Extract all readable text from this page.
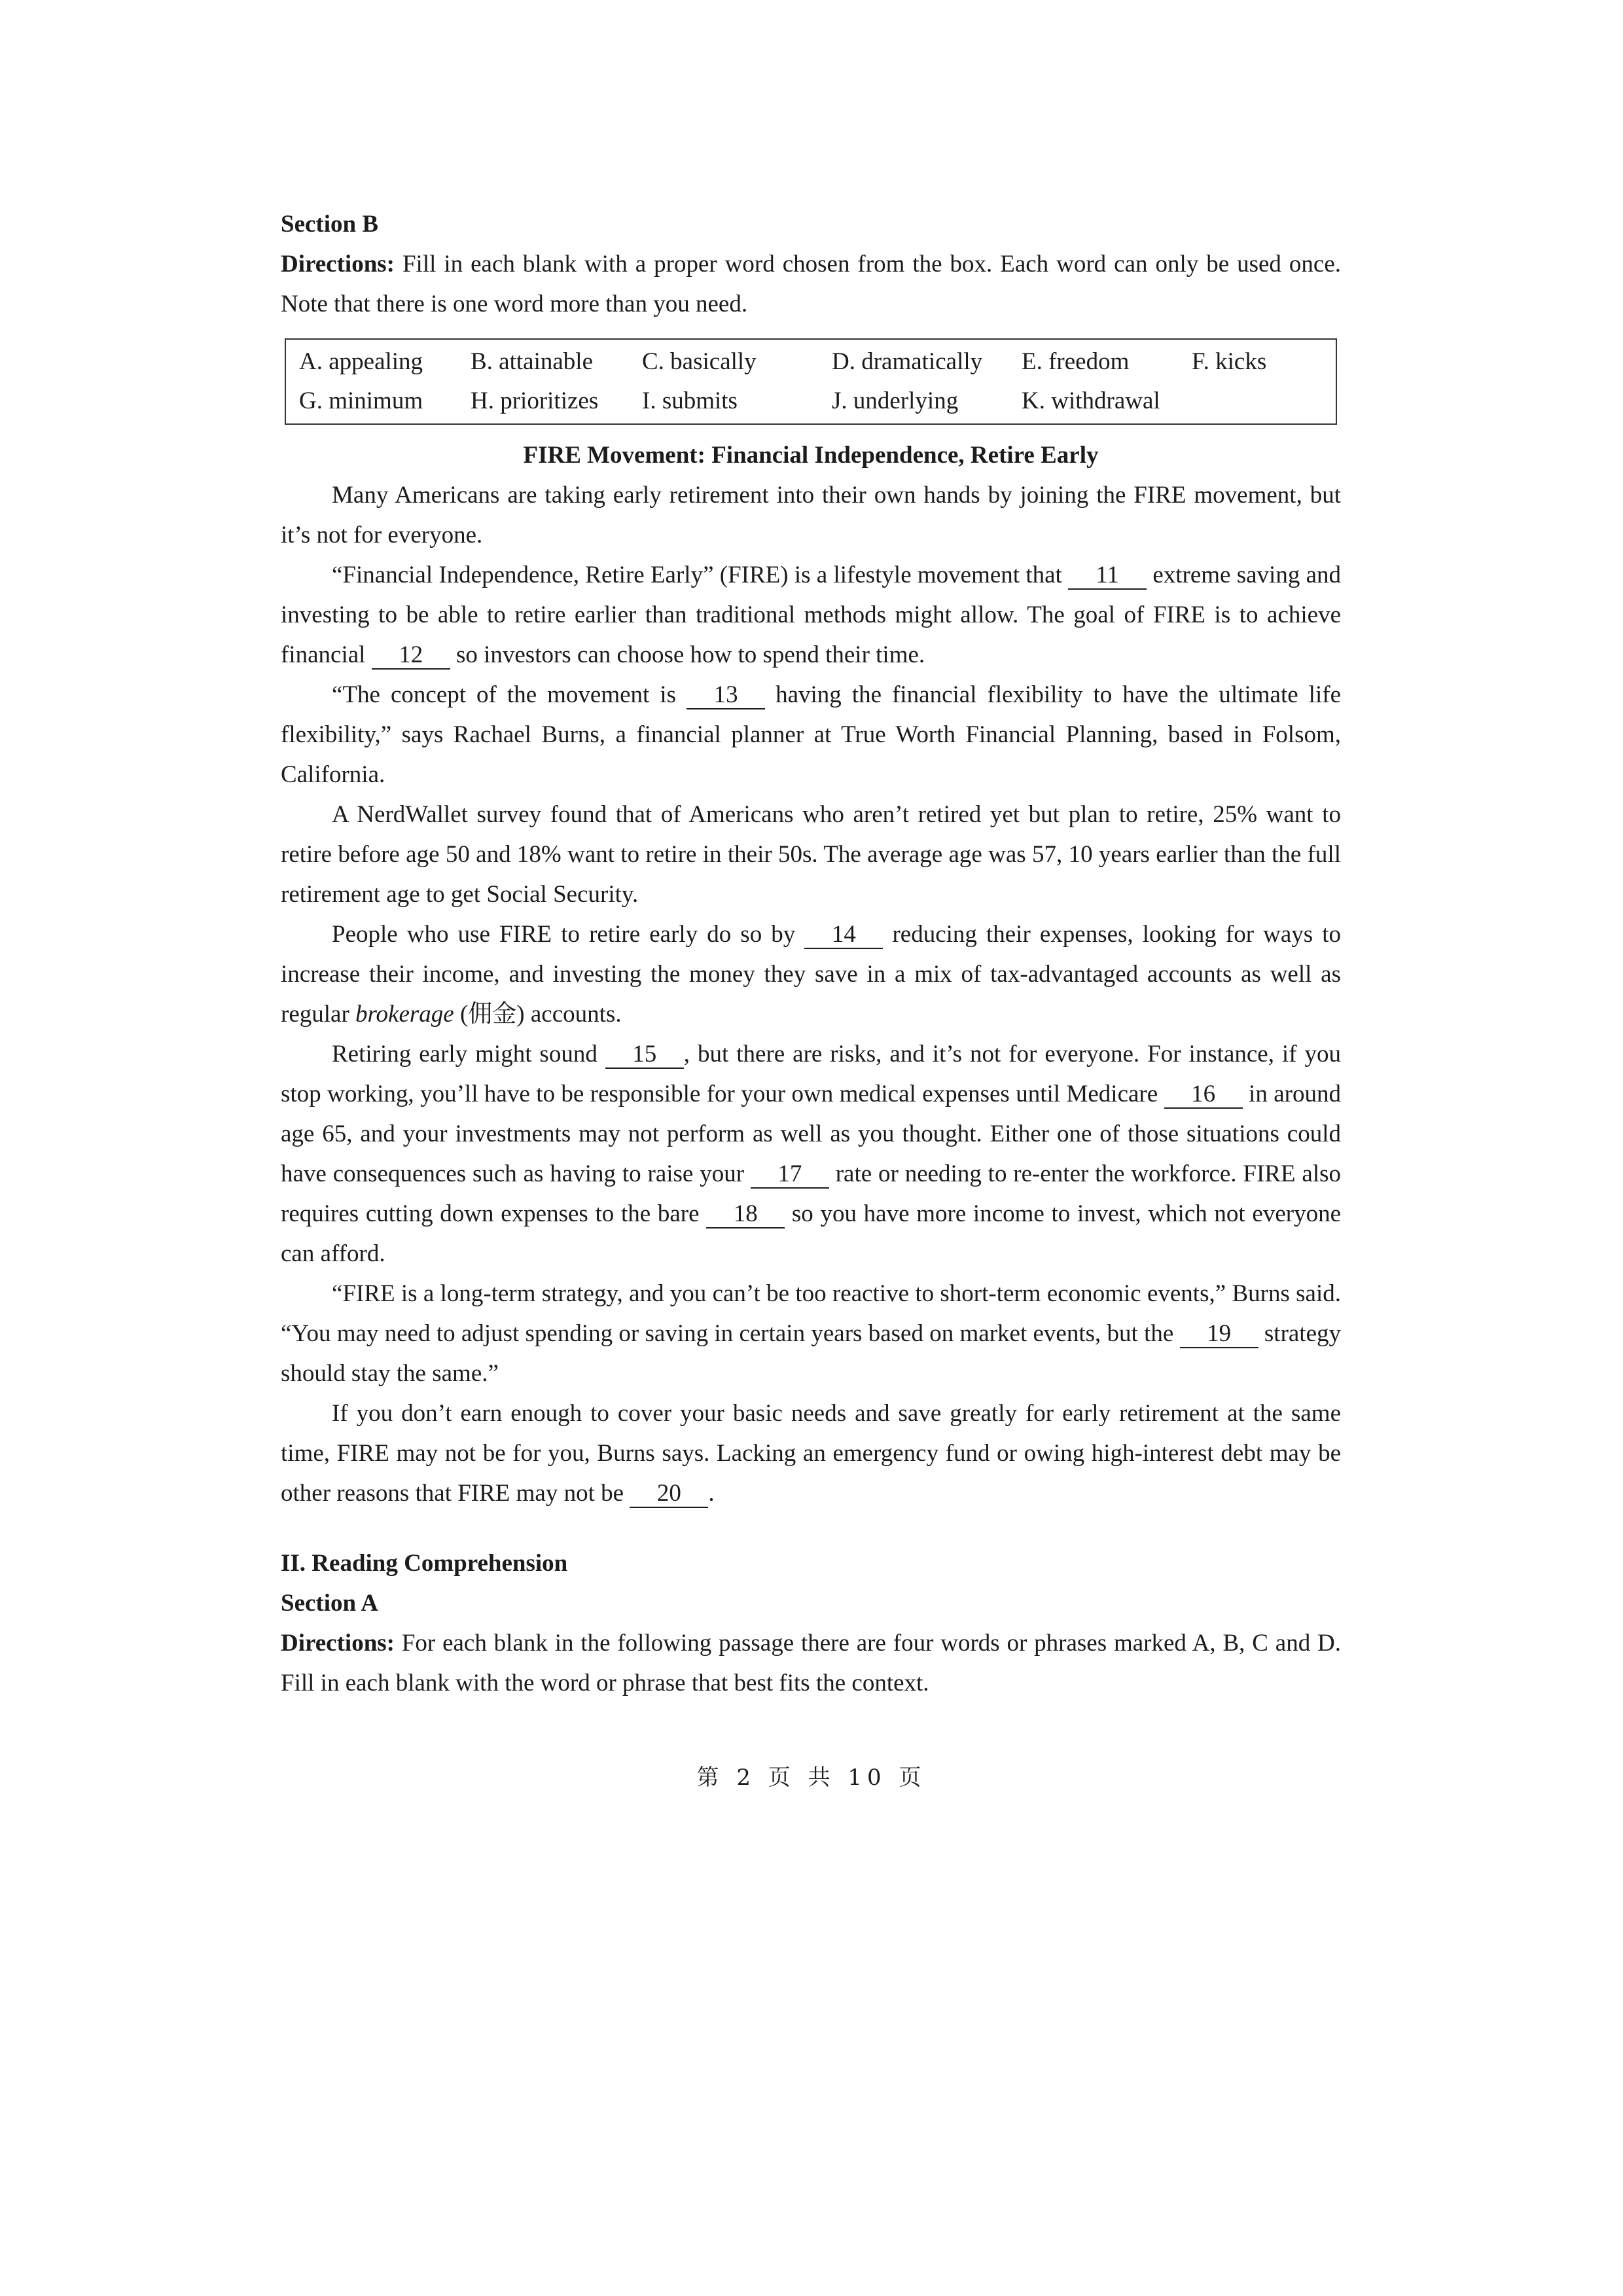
Section B

Directions: Fill in each blank with a proper word chosen from the box. Each word can only be used once. Note that there is one word more than you need.

A. appealing	B. attainable	C. basically	D. dramatically	E. freedom	F. kicks
G. minimum	H. prioritizes	I. submits	J. underlying	K. withdrawal

FIRE Movement: Financial Independence, Retire Early

Many Americans are taking early retirement into their own hands by joining the FIRE movement, but it’s not for everyone.

“Financial Independence, Retire Early” (FIRE) is a lifestyle movement that 11 extreme saving and investing to be able to retire earlier than traditional methods might allow. The goal of FIRE is to achieve financial 12 so investors can choose how to spend their time.

“The concept of the movement is 13 having the financial flexibility to have the ultimate life flexibility,” says Rachael Burns, a financial planner at True Worth Financial Planning, based in Folsom, California.

A NerdWallet survey found that of Americans who aren’t retired yet but plan to retire, 25% want to retire before age 50 and 18% want to retire in their 50s. The average age was 57, 10 years earlier than the full retirement age to get Social Security.

People who use FIRE to retire early do so by 14 reducing their expenses, looking for ways to increase their income, and investing the money they save in a mix of tax-advantaged accounts as well as regular brokerage (佣金) accounts.

Retiring early might sound 15 , but there are risks, and it’s not for everyone. For instance, if you stop working, you’ll have to be responsible for your own medical expenses until Medicare 16 in around age 65, and your investments may not perform as well as you thought. Either one of those situations could have consequences such as having to raise your 17 rate or needing to re-enter the workforce. FIRE also requires cutting down expenses to the bare 18 so you have more income to invest, which not everyone can afford.

“FIRE is a long-term strategy, and you can’t be too reactive to short-term economic events,” Burns said. “You may need to adjust spending or saving in certain years based on market events, but the 19 strategy should stay the same.”

If you don’t earn enough to cover your basic needs and save greatly for early retirement at the same time, FIRE may not be for you, Burns says. Lacking an emergency fund or owing high-interest debt may be other reasons that FIRE may not be 20 .

II. Reading Comprehension

Section A

Directions: For each blank in the following passage there are four words or phrases marked A, B, C and D. Fill in each blank with the word or phrase that best fits the context.

第 2 页 共 10 页
